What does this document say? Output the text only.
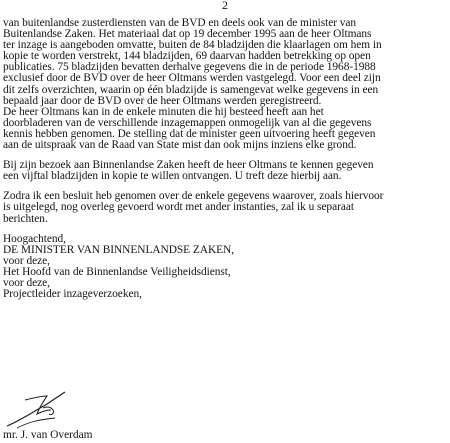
2

van buitenlandse zusterdiensten van de BVD en deels ook van de minister van
Buitenlandse Zaken. Het materiaal dat op 19 december 1995 aan de heer Oltmans
ter inzage is aangeboden omvatte, buiten de 84 bladzijden die klaarlagen om hem in
kopie te worden verstrekt, 144 bladzijden, 69 daarvan hadden betrekking op open
publicaties. 75 bladzijden bevatten derhalve gegevens die in de periode 1968-1988
exclusief door de BVD over de heer Oltmans werden vastgelegd. Voor een deel zijn
dit zelfs overzichten, waarin op één bladzijde is samengevat welke gegevens in een
bepaald jaar door de BVD over de heer Oltmans werden geregistreerd.
De heer Oltmans kan in de enkele minuten die hij besteed heeft aan het
doorbladeren van de verschillende inzagemappen onmogelijk van al die gegevens
kennis hebben genomen. De stelling dat de minister geen uitvoering heeft gegeven
aan de uitspraak van de Raad van State mist dan ook mijns inziens elke grond.

Bij zijn bezoek aan Binnenlandse Zaken heeft de heer Oltmans te kennen gegeven
een vijftal bladzijden in kopie te willen ontvangen. U treft deze hierbij aan.

Zodra ik een besluit heb genomen over de enkele gegevens waarover, zoals hiervoor
is uitgelegd, nog overleg gevoerd wordt met ander instanties, zal ik u separaat
berichten.

Hoogachtend,
DE MINISTER VAN BINNENLANDSE ZAKEN,
voor deze,
Het Hoofd van de Binnenlandse Veiligheidsdienst,
voor deze,
Projectleider inzageverzoeken,

mr. J. van Overdam
